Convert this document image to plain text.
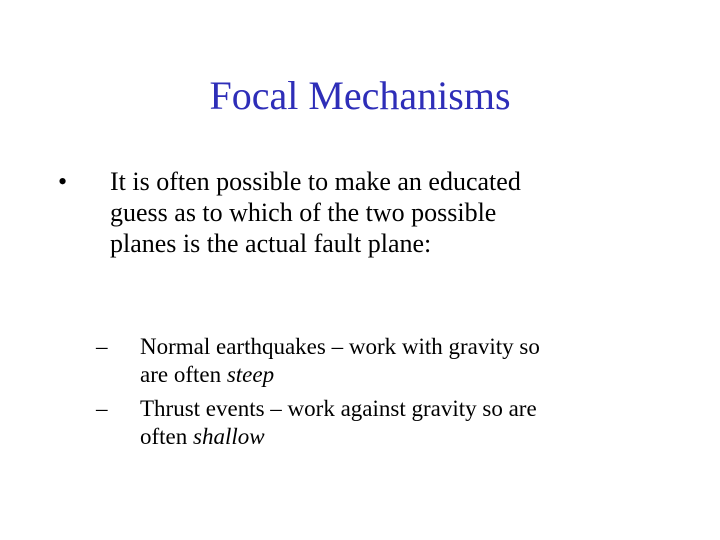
Focal Mechanisms
• It is often possible to make an educated
guess as to which of the two possible
planes is the actual fault plane:
– Normal earthquakes – work with gravity so
are often steep
– Thrust events – work against gravity so are
often shallow
